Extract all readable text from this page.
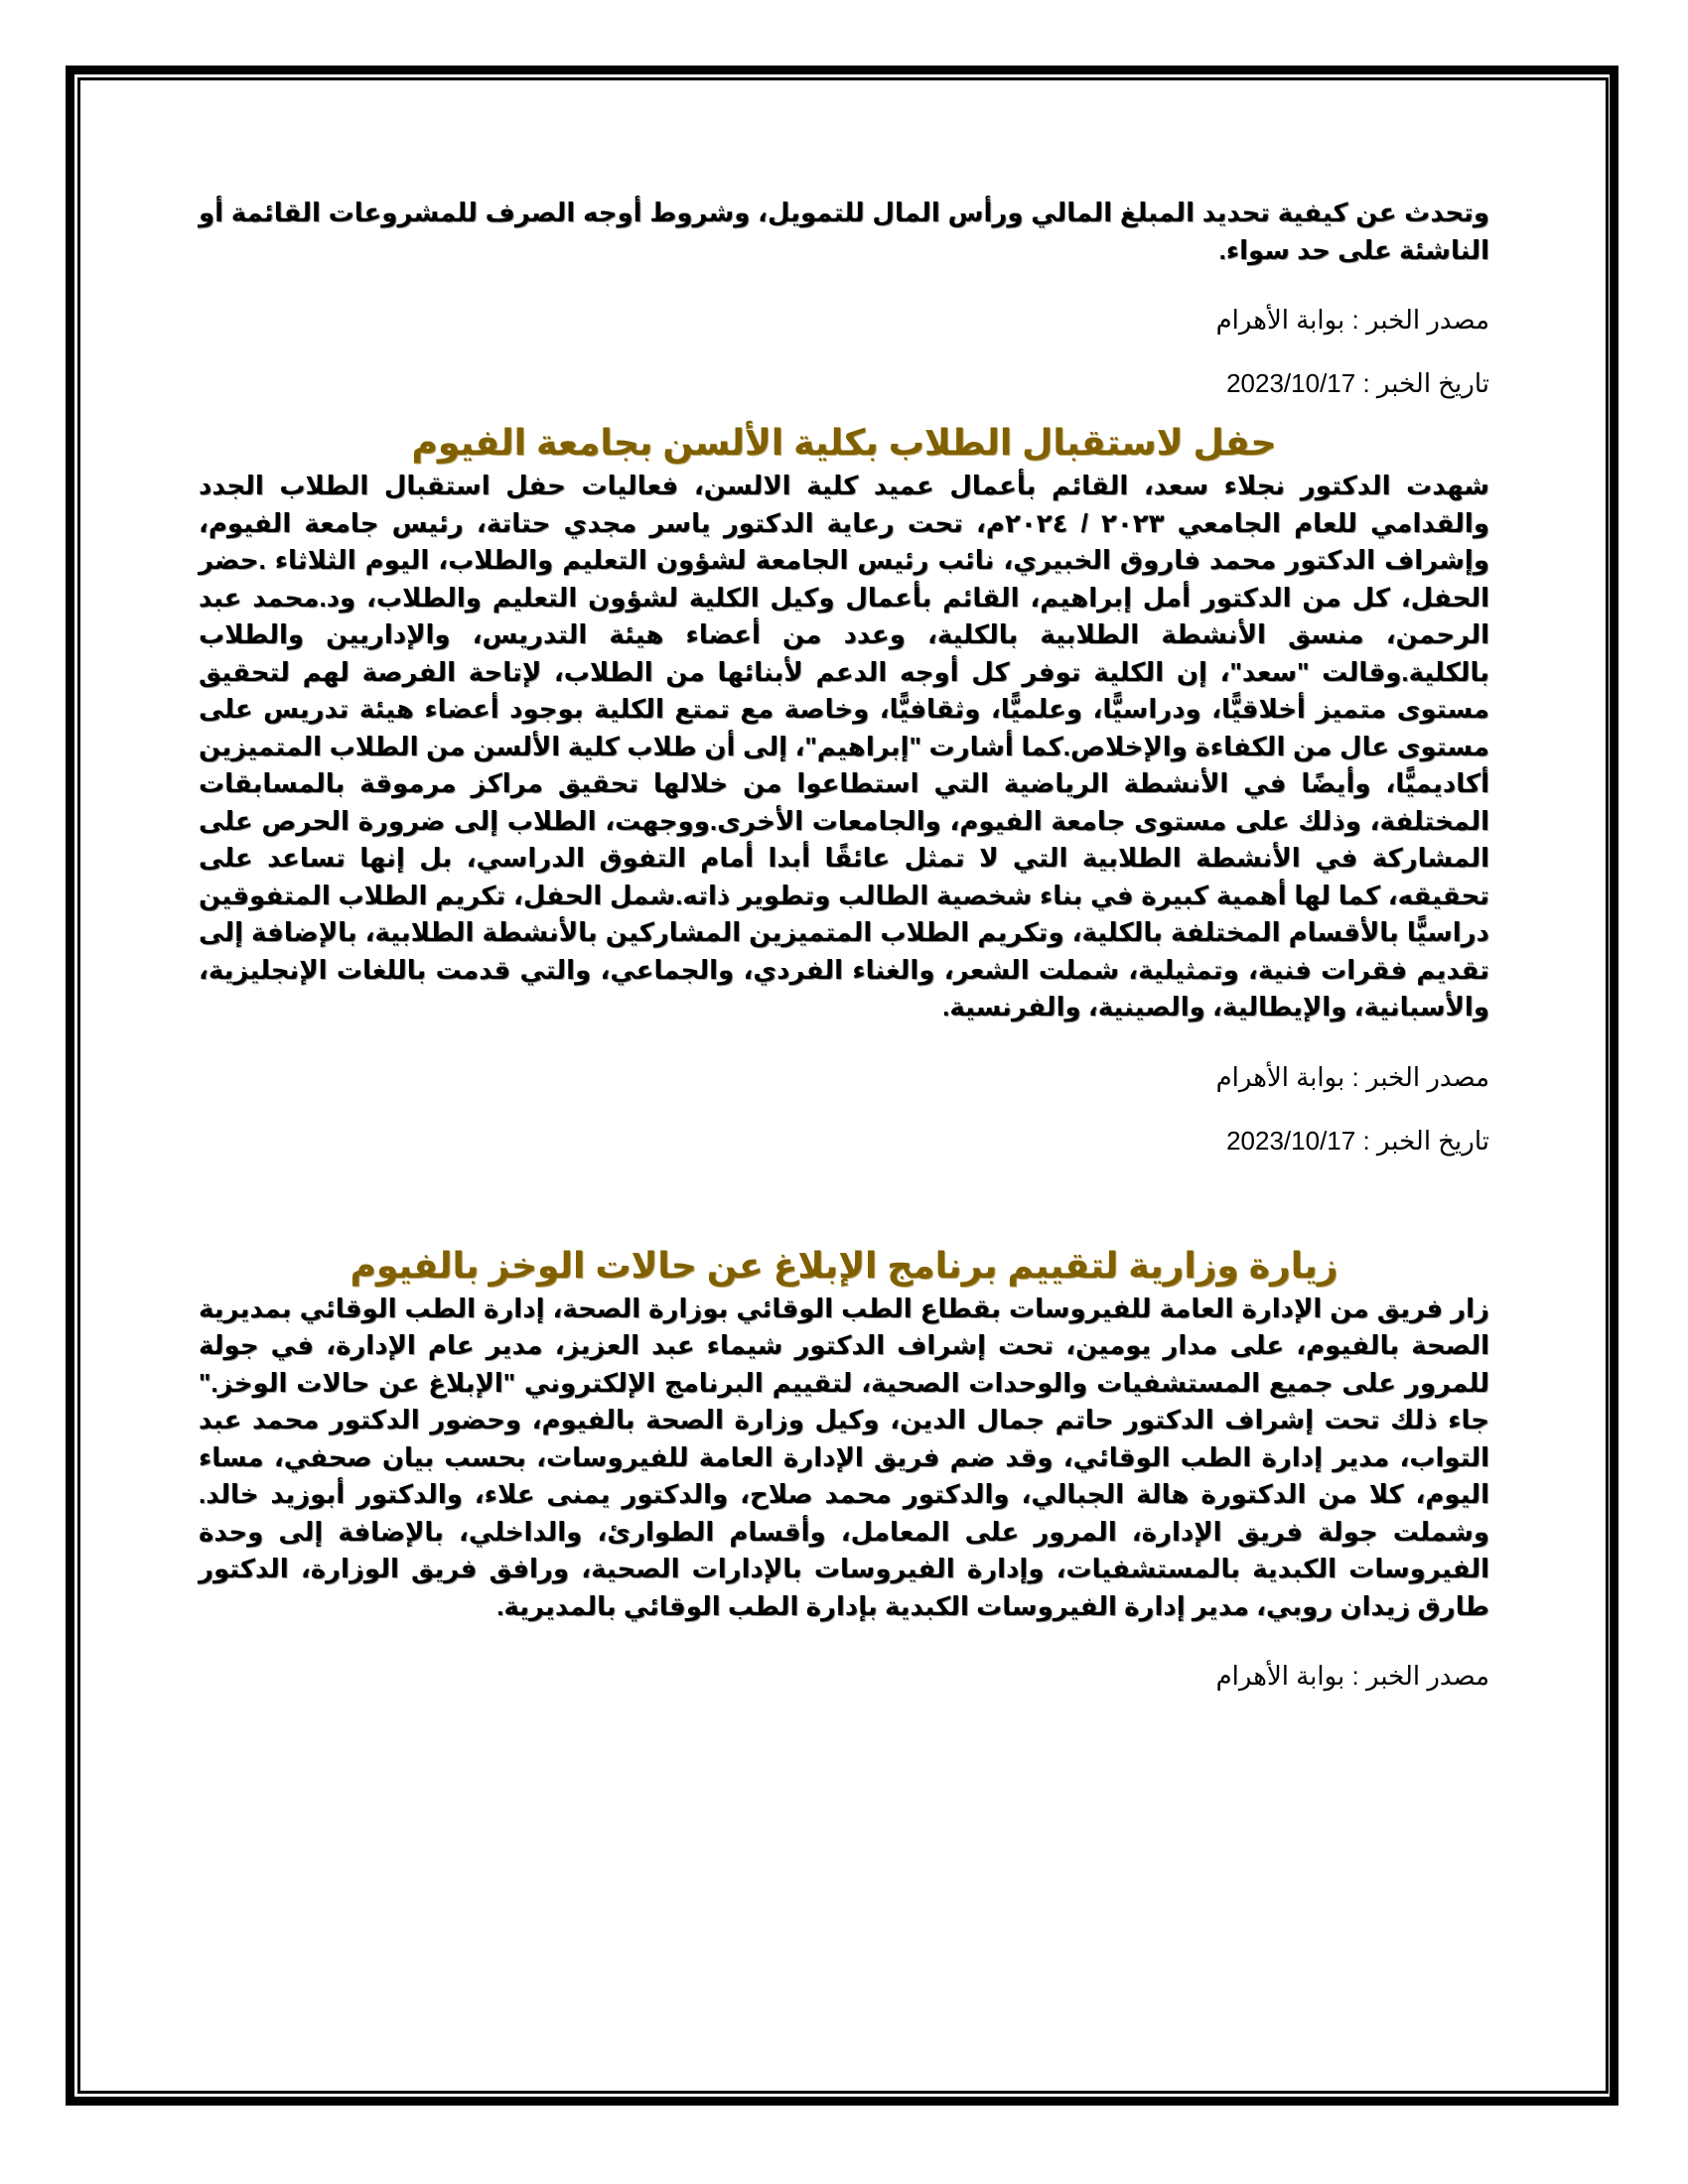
وتحدث عن كيفية تحديد المبلغ المالي ورأس المال للتمويل، وشروط أوجه الصرف للمشروعات القائمة أو الناشئة على حد سواء.

مصدر الخبر : بوابة الأهرام

تاريخ الخبر : 2023/10/17

حفل لاستقبال الطلاب بكلية الألسن بجامعة الفيوم

شهدت الدكتور نجلاء سعد، القائم بأعمال عميد كلية الالسن، فعاليات حفل استقبال الطلاب الجدد والقدامي للعام الجامعي ٢٠٢٣ / ٢٠٢٤م، تحت رعاية الدكتور ياسر مجدي حتاتة، رئيس جامعة الفيوم، وإشراف الدكتور محمد فاروق الخبيري، نائب رئيس الجامعة لشؤون التعليم والطلاب، اليوم الثلاثاء .حضر الحفل، كل من الدكتور أمل إبراهيم، القائم بأعمال وكيل الكلية لشؤون التعليم والطلاب، ود.محمد عبد الرحمن، منسق الأنشطة الطلابية بالكلية، وعدد من أعضاء هيئة التدريس، والإداريين والطلاب بالكلية.وقالت "سعد"، إن الكلية توفر كل أوجه الدعم لأبنائها من الطلاب، لإتاحة الفرصة لهم لتحقيق مستوى متميز أخلاقيًّا، ودراسيًّا، وعلميًّا، وثقافيًّا، وخاصة مع تمتع الكلية بوجود أعضاء هيئة تدريس على مستوى عال من الكفاءة والإخلاص.كما أشارت "إبراهيم"، إلى أن طلاب كلية الألسن من الطلاب المتميزين أكاديميًّا، وأيضًا في الأنشطة الرياضية التي استطاعوا من خلالها تحقيق مراكز مرموقة بالمسابقات المختلفة، وذلك على مستوى جامعة الفيوم، والجامعات الأخرى.ووجهت، الطلاب إلى ضرورة الحرص على المشاركة في الأنشطة الطلابية التي لا تمثل عائقًا أبدا أمام التفوق الدراسي، بل إنها تساعد على تحقيقه، كما لها أهمية كبيرة في بناء شخصية الطالب وتطوير ذاته.شمل الحفل، تكريم الطلاب المتفوقين دراسيًّا بالأقسام المختلفة بالكلية، وتكريم الطلاب المتميزين المشاركين بالأنشطة الطلابية، بالإضافة إلى تقديم فقرات فنية، وتمثيلية، شملت الشعر، والغناء الفردي، والجماعي، والتي قدمت باللغات الإنجليزية، والأسبانية، والإيطالية، والصينية، والفرنسية.

مصدر الخبر : بوابة الأهرام

تاريخ الخبر : 2023/10/17

زيارة وزارية لتقييم برنامج الإبلاغ عن حالات الوخز بالفيوم

زار فريق من الإدارة العامة للفيروسات بقطاع الطب الوقائي بوزارة الصحة، إدارة الطب الوقائي بمديرية الصحة بالفيوم، على مدار يومين، تحت إشراف الدكتور شيماء عبد العزيز، مدير عام الإدارة، في جولة للمرور على جميع المستشفيات والوحدات الصحية، لتقييم البرنامج الإلكتروني "الإبلاغ عن حالات الوخز." جاء ذلك تحت إشراف الدكتور حاتم جمال الدين، وكيل وزارة الصحة بالفيوم، وحضور الدكتور محمد عبد التواب، مدير إدارة الطب الوقائي، وقد ضم فريق الإدارة العامة للفيروسات، بحسب بيان صحفي، مساء اليوم، كلا من الدكتورة هالة الجبالي، والدكتور محمد صلاح، والدكتور يمنى علاء، والدكتور أبوزيد خالد. وشملت جولة فريق الإدارة، المرور على المعامل، وأقسام الطوارئ، والداخلي، بالإضافة إلى وحدة الفيروسات الكبدية بالمستشفيات، وإدارة الفيروسات بالإدارات الصحية، ورافق فريق الوزارة، الدكتور طارق زيدان روبي، مدير إدارة الفيروسات الكبدية بإدارة الطب الوقائي بالمديرية.

مصدر الخبر : بوابة الأهرام
